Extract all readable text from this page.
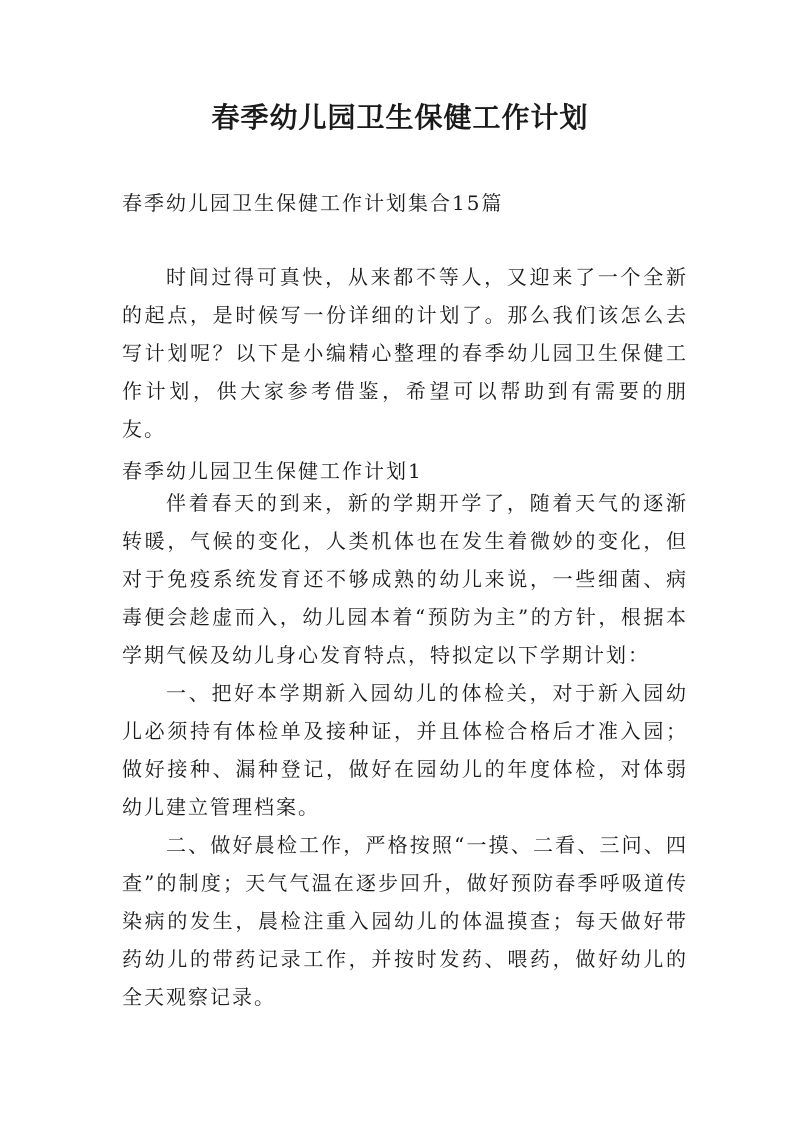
春季幼儿园卫生保健工作计划
春季幼儿园卫生保健工作计划集合15篇
时间过得可真快，从来都不等人，又迎来了一个全新的起点，是时候写一份详细的计划了。那么我们该怎么去写计划呢？以下是小编精心整理的春季幼儿园卫生保健工作计划，供大家参考借鉴，希望可以帮助到有需要的朋友。
春季幼儿园卫生保健工作计划1

伴着春天的到来，新的学期开学了，随着天气的逐渐转暖，气候的变化，人类机体也在发生着微妙的变化，但对于免疫系统发育还不够成熟的幼儿来说，一些细菌、病毒便会趁虚而入，幼儿园本着“预防为主”的方针，根据本学期气候及幼儿身心发育特点，特拟定以下学期计划：

一、把好本学期新入园幼儿的体检关，对于新入园幼儿必须持有体检单及接种证，并且体检合格后才准入园；做好接种、漏种登记，做好在园幼儿的年度体检，对体弱幼儿建立管理档案。

二、做好晨检工作，严格按照“一摸、二看、三问、四查”的制度；天气气温在逐步回升，做好预防春季呼吸道传染病的发生，晨检注重入园幼儿的体温摸查；每天做好带药幼儿的带药记录工作，并按时发药、喂药，做好幼儿的全天观察记录。
